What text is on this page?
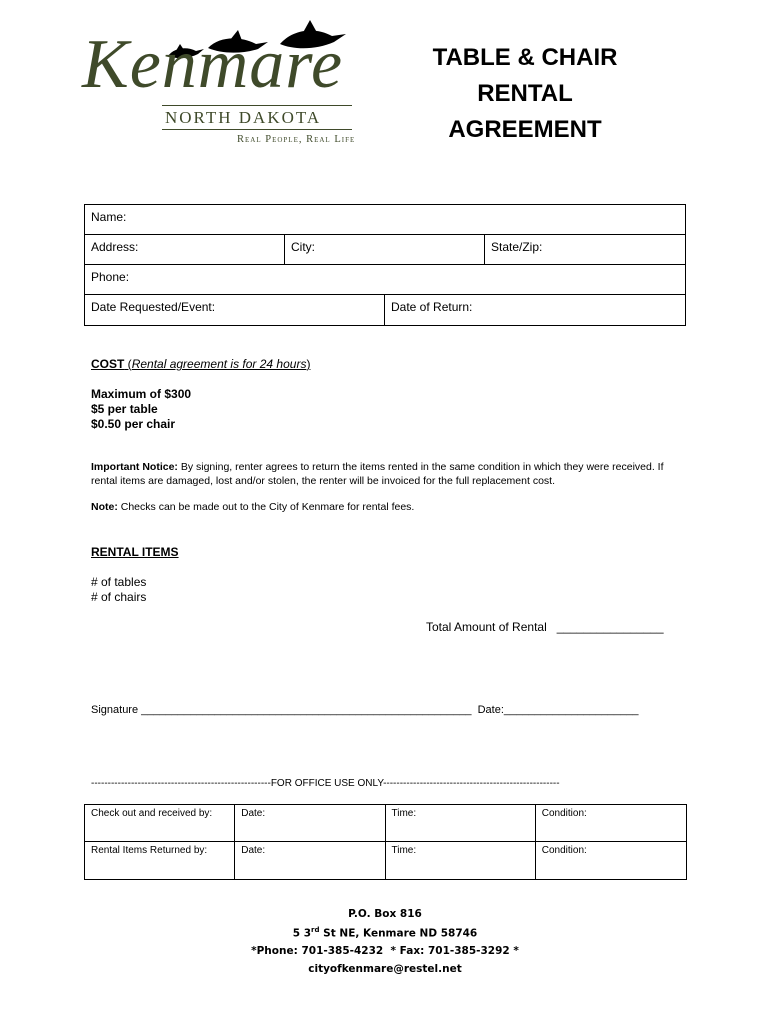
Kenmare
NORTH DAKOTA
Real People, Real Life
TABLE & CHAIR
RENTAL
AGREEMENT
Name:
Address:	City:	State/Zip:
Phone:
Date Requested/Event:	Date of Return:
COST (Rental agreement is for 24 hours)
Maximum of $300
$5 per table
$0.50 per chair
Important Notice: By signing, renter agrees to return the items rented in the same condition in which they were received. If rental items are damaged, lost and/or stolen, the renter will be invoiced for the full replacement cost.
Note: Checks can be made out to the City of Kenmare for rental fees.
RENTAL ITEMS
# of tables
# of chairs
Total Amount of Rental   ________________
Signature ______________________________________________________  Date:______________________
------------------------------------------------------FOR OFFICE USE ONLY-----------------------------------------------------
Check out and received by:	Date:	Time:	Condition:
Rental Items Returned by:	Date:	Time:	Condition:
P.O. Box 816
5 3rd St NE, Kenmare ND 58746
*Phone: 701-385-4232  * Fax: 701-385-3292 *
cityofkenmare@restel.net
